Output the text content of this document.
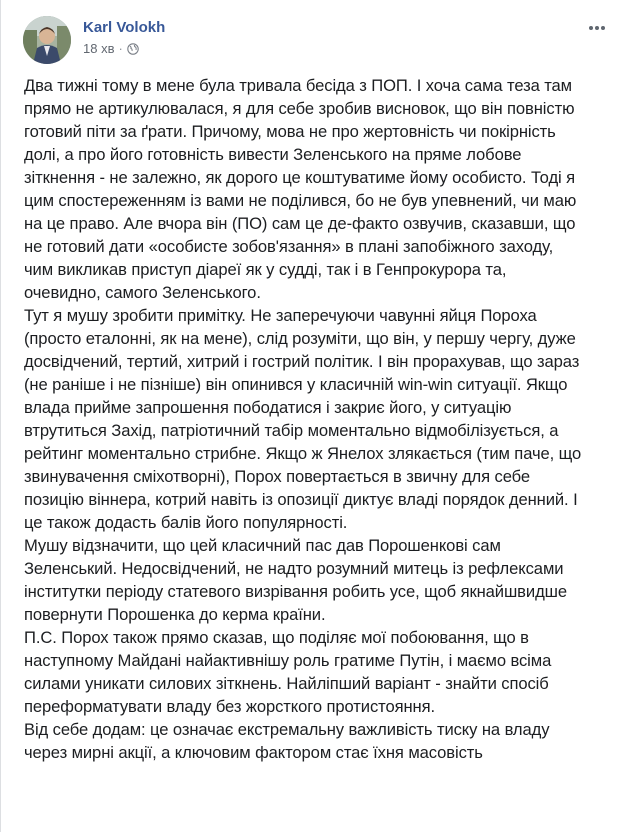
Karl Volokh
18 хв ·

Два тижні тому в мене була тривала бесіда з ПОП. І хоча сама теза там
прямо не артикулювалася, я для себе зробив висновок, що він повністю
готовий піти за ґрати. Причому, мова не про жертовність чи покірність
долі, а про його готовність вивести Зеленського на пряме лобове
зіткнення - не залежно, як дорого це коштуватиме йому особисто. Тоді я
цим спостереженням із вами не поділився, бо не був упевнений, чи маю
на це право. Але вчора він (ПО) сам це де-факто озвучив, сказавши, що
не готовий дати «особисте зобов'язання» в плані запобіжного заходу,
чим викликав приступ діареї як у судді, так і в Генпрокурора та,
очевидно, самого Зеленського.

Тут я мушу зробити примітку. Не заперечуючи чавунні яйця Пороха
(просто еталонні, як на мене), слід розуміти, що він, у першу чергу, дуже
досвідчений, тертий, хитрий і гострий політик. І він прорахував, що зараз
(не раніше і не пізніше) він опинився у класичній win-win ситуації. Якщо
влада прийме запрошення пободатися і закриє його, у ситуацію
втрутиться Захід, патріотичний табір моментально відмобілізується, а
рейтинг моментально стрибне. Якщо ж Янелох злякається (тим паче, що
звинувачення сміхотворні), Порох повертається в звичну для себе
позицію віннера, котрий навіть із опозиції диктує владі порядок денний. І
це також додасть балів його популярності.

Мушу відзначити, що цей класичний пас дав Порошенкові сам
Зеленський. Недосвідчений, не надто розумний митець із рефлексами
інститутки періоду статевого визрівання робить усе, щоб якнайшвидше
повернути Порошенка до керма країни.

П.С. Порох також прямо сказав, що поділяє мої побоювання, що в
наступному Майдані найактивнішу роль гратиме Путін, і маємо всіма
силами уникати силових зіткнень. Найліпший варіант - знайти спосіб
переформатувати владу без жорсткого протистояння.

Від себе додам: це означає екстремальну важливість тиску на владу
через мирні акції, а ключовим фактором стає їхня масовість
